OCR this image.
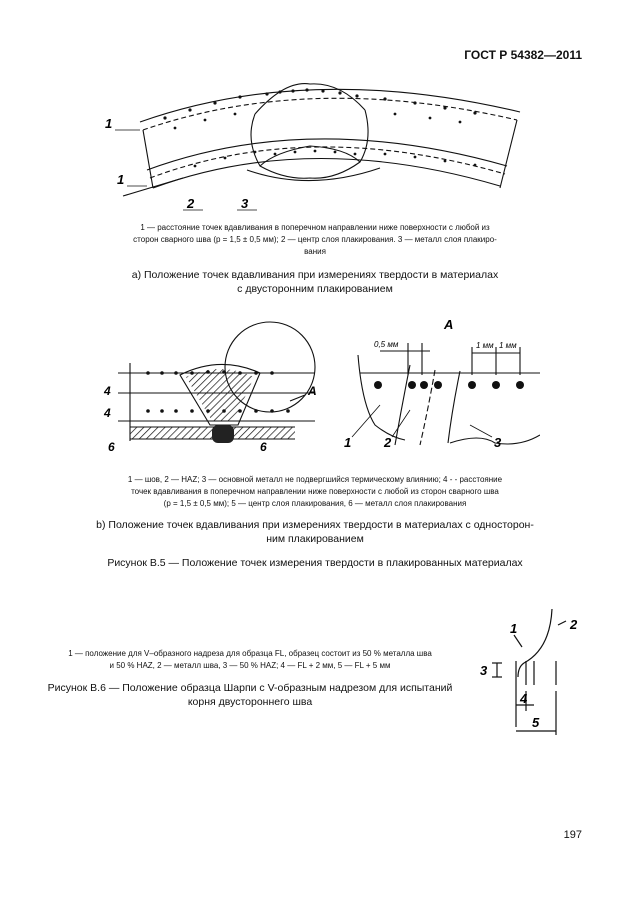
ГОСТ Р 54382—2011
1
1
2	3
1 — расстояние точек вдавливания в поперечном направлении ниже поверхности с любой из
сторон сварного шва (p = 1,5 ± 0,5 мм); 2 — центр слоя плакирования. 3 — металл слоя плакиро-
вания
а) Положение точек вдавливания при измерениях твердости в материалах
с двусторонним плакированием
4
4
A
6	6
A
0,5 мм	1 мм 1 мм
1	2	3
1 — шов, 2 — HAZ; 3 — основной металл не подвергшийся термическому влиянию; 4 - - расстояние
точек вдавливания в поперечном направлении ниже поверхности с любой из сторон сварного шва
(p = 1,5 ± 0,5 мм); 5 — центр слоя плакирования, 6 — металл слоя плакирования
b) Положение точек вдавливания при измерениях твердости в материалах с односторон-
ним плакированием
Рисунок В.5 — Положение точек измерения твердости в плакированных материалах
1 — положение для V–образного надреза для образца FL, образец состоит из 50 % металла шва
и 50 % HAZ, 2 — металл шва, 3 — 50 % HAZ; 4 — FL + 2 мм, 5 — FL + 5 мм
Рисунок В.6 — Положение образца Шарпи с V-образным надрезом для испытаний
корня двустороннего шва
1	2
3
4
5
197
